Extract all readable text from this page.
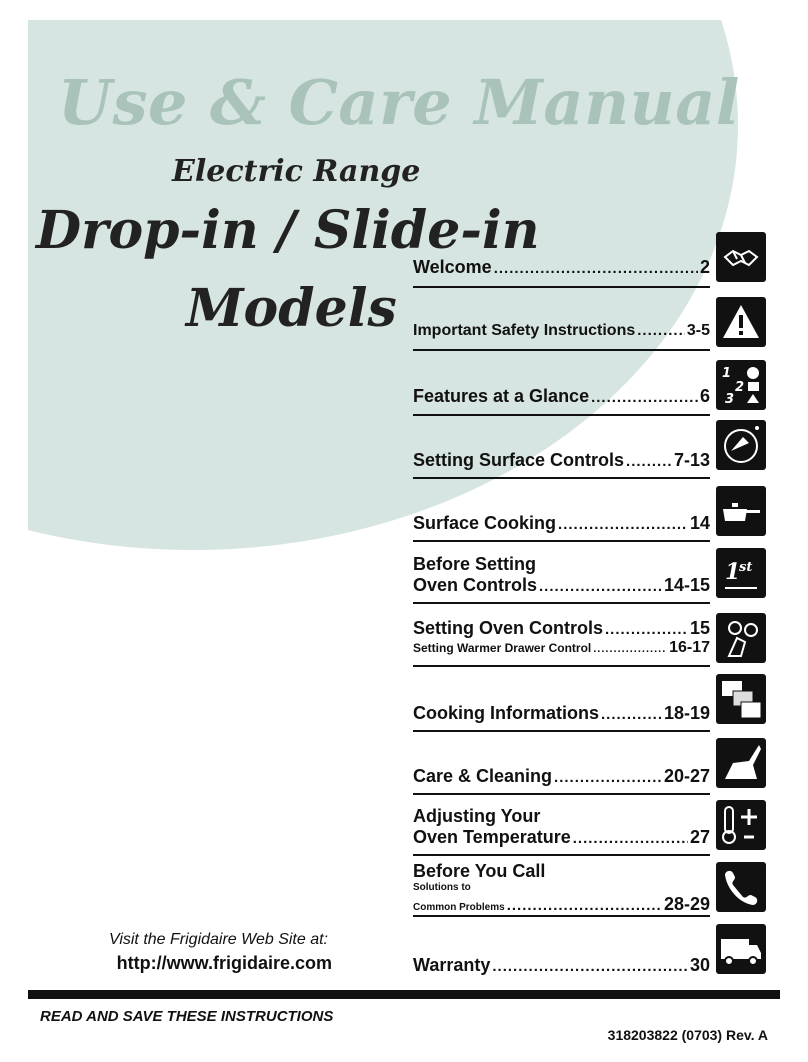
Use & Care Manual
Electric Range
Drop-in / Slide-in
Models
Welcome .....	2
Important Safety Instructions .....	3-5
Features at a Glance .....	6
Setting Surface Controls .....	7-13
Surface Cooking .....	14
Before Setting
Oven Controls .....	14-15
Setting Oven Controls .....	15
Setting Warmer Drawer Control .....	16-17
Cooking Informations .....	18-19
Care & Cleaning .....	20-27
Adjusting Your
Oven Temperature .....	27
Before You Call
Solutions to
Common Problems .....	28-29
Warranty .....	30
1
2
3
1
st

Visit the Frigidaire Web Site at:

http://www.frigidaire.com

READ AND SAVE THESE INSTRUCTIONS

318203822 (0703) Rev. A
